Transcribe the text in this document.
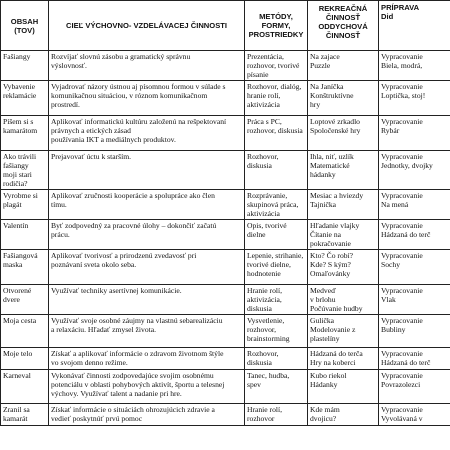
OBSAH
(TOV)	CIEĽ VÝCHOVNO- VZDELÁVACEJ ČINNOSTI	METÓDY, FORMY,
PROSTRIEDKY	REKREAČNÁ
ČINNOSŤ
ODDYCHOVÁ
ČINNOSŤ	PRÍPRAVA
Did

Fašiangy	Rozvíjať slovnú zásobu a gramatický správnu
výslovnosť.	Prezentácia,
rozhovor, tvorivé
písanie	Na zajace
Puzzle	Vypracovanie
Biela, modrá,

Vybavenie
reklamácie	Vyjadrovať názory ústnou aj písomnou formou v súlade s
komunikačnou situáciou, v róznom komunikačnom
prostredí.	Rozhovor, dialóg,
hranie rolí,
aktivizácia	Na Janíčka
Konštruktívne
hry	Vypracovanie
Loptička, stoj!

Píšem si s
kamarátom	Aplikovať informatickú kultúru založenú na rešpektovaní
právnych a etických zásad
používania IKT a mediálnych produktov.	Práca s PC,
rozhovor, diskusia	Loptové zrkadlo
Spoločenské hry	Vypracovanie
Rybár

Ako trávili
fašiangy
moji stari
rodičia?	Prejavovať úctu k starším.	Rozhovor, diskusia	Ihla, niť, uzlík
Matematické
hádanky	Vypracovanie
Jednotky, dvojky

Vyrobme si
plagát	Aplikovať zručnosti kooperácie a spolupráce ako člen
tímu.	Rozprávanie,
skupinová práca,
aktivizácia	Mesiac a hviezdy
Tajnička	Vypracovanie
Na mená

Valentín	Byť zodpovedný za pracovné úlohy – dokončiť začatú
prácu.	Opis, tvorivé dielne	Hľadanie vlajky
Čítanie na
pokračovanie	Vypracovanie
Hádzaná do terč

Fašiangová
maska	Aplikovať tvorivosť a prirodzenú zvedavosť pri
poznávaní sveta okolo seba.	Lepenie, strihanie,
tvorivé dielne,
hodnotenie	Kto? Čo robí?
Kde? S kým?
Omaľovánky	Vypracovanie
Sochy

Otvorené
dvere	Využívať techniky asertívnej komunikácie.	Hranie rolí,
aktivizácia, diskusia	Medveď
v brlohu
Počúvanie hudby	Vypracovanie
Vlak

Moja cesta	Využívať svoje osobné záujmy na vlastnú sebarealizáciu
a relaxáciu. Hľadať zmysel života.	Vysvetlenie,
rozhovor,
brainstorming	Gulička
Modelovanie z
plastelíny	Vypracovanie
Bubliny

Moje telo	Získať a aplikovať informácie o zdravom životnom štýle
vo svojom denno režime.	Rozhovor, diskusia	Hádzaná do terča
Hry na koberci	Vypracovanie
Hádzaná do terč

Karneval	Vykonávať činnosti zodpovedajúce svojim osobnému
potenciálu v oblasti pohybových aktivít, športu a telesnej
výchovy. Využívať talent a nadanie pri hre.	Tanec, hudba, spev	Kubo riekol
Hádanky	Vypracovanie
Povrazolezci

Zranil sa
kamarát	Získať informácie o situáciách ohrozujúcich zdravie a
vedieť poskytnúť prvú pomoc	Hranie rolí, rozhovor	Kde mám
dvojicu?	Vypracovanie
Vyvolávaná v
